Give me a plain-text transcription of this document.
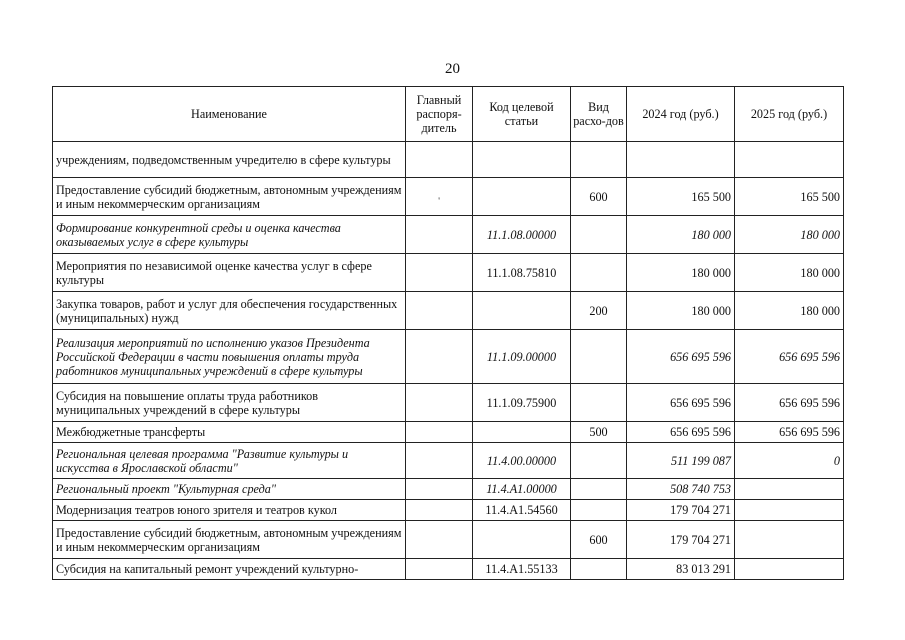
20
Наименование	Главный распоря-дитель	Код целевой статьи	Вид расхо-дов	2024 год (руб.)	2025 год (руб.)
учреждениям, подведомственным учредителю в сфере культуры					
Предоставление субсидий бюджетным, автономным учреждениям и иным некоммерческим организациям	$'$		600	165 500	165 500
Формирование конкурентной среды и оценка качества оказываемых услуг в сфере культуры		11.1.08.00000		180 000	180 000
Мероприятия по независимой оценке качества услуг в сфере культуры		11.1.08.75810		180 000	180 000
Закупка товаров, работ и услуг для обеспечения государственных (муниципальных) нужд			200	180 000	180 000
Реализация мероприятий по исполнению указов Президента Российской Федерации в части повышения оплаты труда работников муниципальных учреждений в сфере культуры		11.1.09.00000		656 695 596	656 695 596
Субсидия на повышение оплаты труда работников муниципальных учреждений в сфере культуры		11.1.09.75900		656 695 596	656 695 596
Межбюджетные трансферты			500	656 695 596	656 695 596
Региональная целевая программа "Развитие культуры и искусства в Ярославской области"		11.4.00.00000		511 199 087	0
Региональный проект "Культурная среда"		11.4.A1.00000		508 740 753	
Модернизация театров юного зрителя и театров кукол		11.4.A1.54560		179 704 271	
Предоставление субсидий бюджетным, автономным учреждениям и иным некоммерческим организациям			600	179 704 271	
Субсидия на капитальный ремонт учреждений культурно-		11.4.A1.55133		83 013 291	
